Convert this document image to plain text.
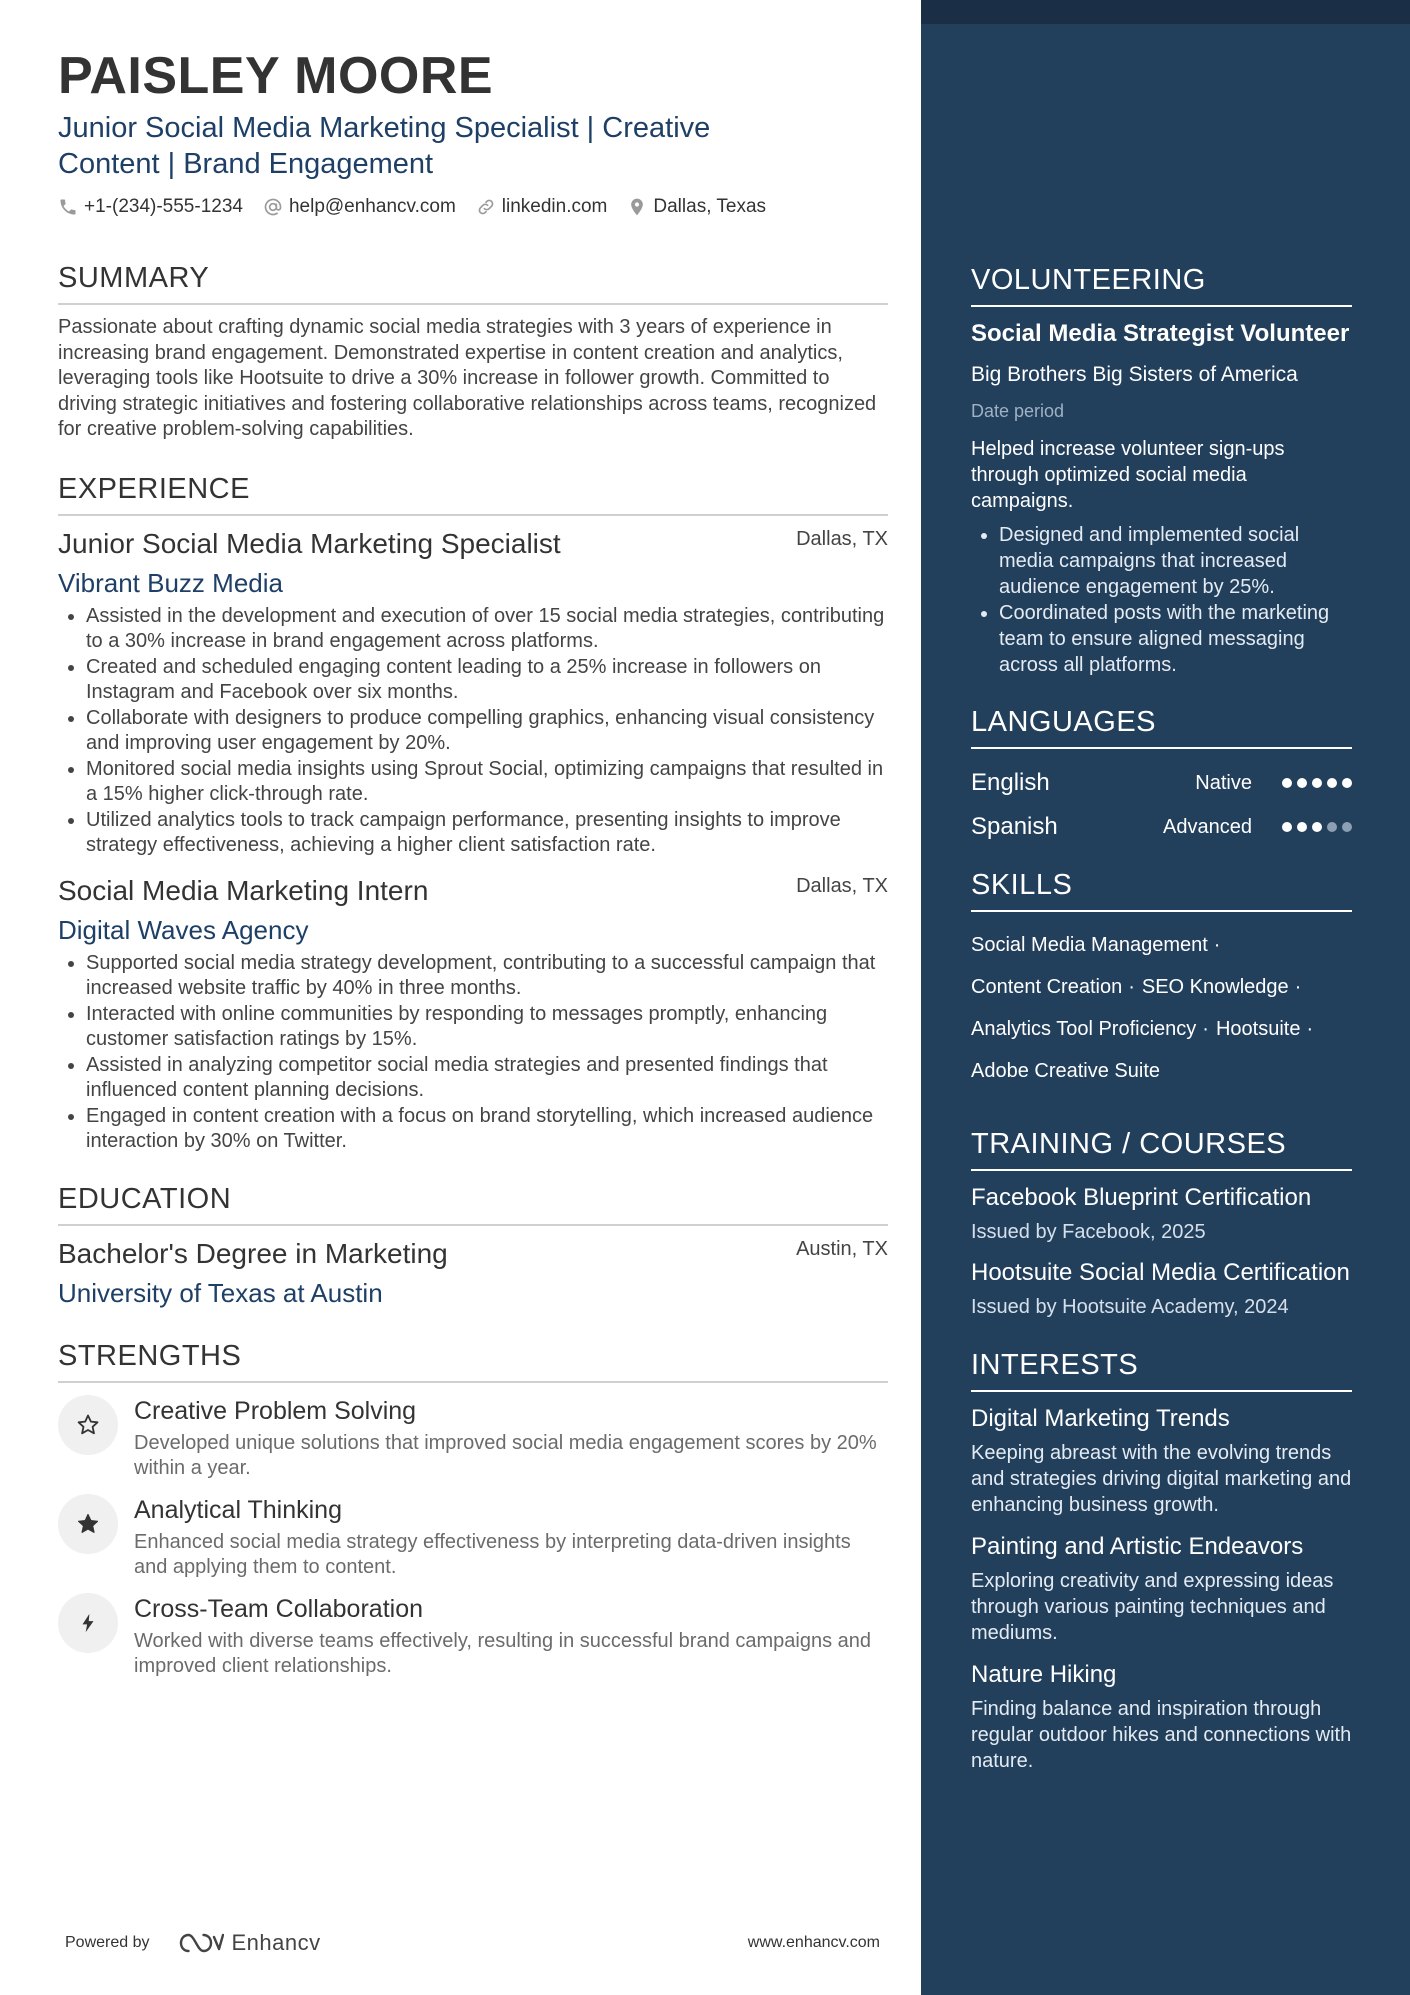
PAISLEY MOORE
Junior Social Media Marketing Specialist | Creative
Content | Brand Engagement
+1-(234)-555-1234 help@enhancv.com linkedin.com Dallas, Texas
SUMMARY
Passionate about crafting dynamic social media strategies with 3 years of experience in increasing brand engagement. Demonstrated expertise in content creation and analytics, leveraging tools like Hootsuite to drive a 30% increase in follower growth. Committed to driving strategic initiatives and fostering collaborative relationships across teams, recognized for creative problem-solving capabilities.
EXPERIENCE
Junior Social Media Marketing Specialist	Dallas, TX
Vibrant Buzz Media
• Assisted in the development and execution of over 15 social media strategies, contributing to a 30% increase in brand engagement across platforms.
• Created and scheduled engaging content leading to a 25% increase in followers on Instagram and Facebook over six months.
• Collaborate with designers to produce compelling graphics, enhancing visual consistency and improving user engagement by 20%.
• Monitored social media insights using Sprout Social, optimizing campaigns that resulted in a 15% higher click-through rate.
• Utilized analytics tools to track campaign performance, presenting insights to improve strategy effectiveness, achieving a higher client satisfaction rate.
Social Media Marketing Intern	Dallas, TX
Digital Waves Agency
• Supported social media strategy development, contributing to a successful campaign that increased website traffic by 40% in three months.
• Interacted with online communities by responding to messages promptly, enhancing customer satisfaction ratings by 15%.
• Assisted in analyzing competitor social media strategies and presented findings that influenced content planning decisions.
• Engaged in content creation with a focus on brand storytelling, which increased audience interaction by 30% on Twitter.
EDUCATION
Bachelor's Degree in Marketing	Austin, TX
University of Texas at Austin
STRENGTHS
Creative Problem Solving
Developed unique solutions that improved social media engagement scores by 20% within a year.
Analytical Thinking
Enhanced social media strategy effectiveness by interpreting data-driven insights and applying them to content.
Cross-Team Collaboration
Worked with diverse teams effectively, resulting in successful brand campaigns and improved client relationships.
Powered by	Enhancv	www.enhancv.com
VOLUNTEERING
Social Media Strategist Volunteer
Big Brothers Big Sisters of America
Date period
Helped increase volunteer sign-ups through optimized social media campaigns.
• Designed and implemented social media campaigns that increased audience engagement by 25%.
• Coordinated posts with the marketing team to ensure aligned messaging across all platforms.
LANGUAGES
English	Native
Spanish	Advanced
SKILLS
Social Media Management ·
Content Creation · SEO Knowledge ·
Analytics Tool Proficiency · Hootsuite ·
Adobe Creative Suite
TRAINING / COURSES
Facebook Blueprint Certification
Issued by Facebook, 2025
Hootsuite Social Media Certification
Issued by Hootsuite Academy, 2024
INTERESTS
Digital Marketing Trends
Keeping abreast with the evolving trends and strategies driving digital marketing and enhancing business growth.
Painting and Artistic Endeavors
Exploring creativity and expressing ideas through various painting techniques and mediums.
Nature Hiking
Finding balance and inspiration through regular outdoor hikes and connections with nature.
